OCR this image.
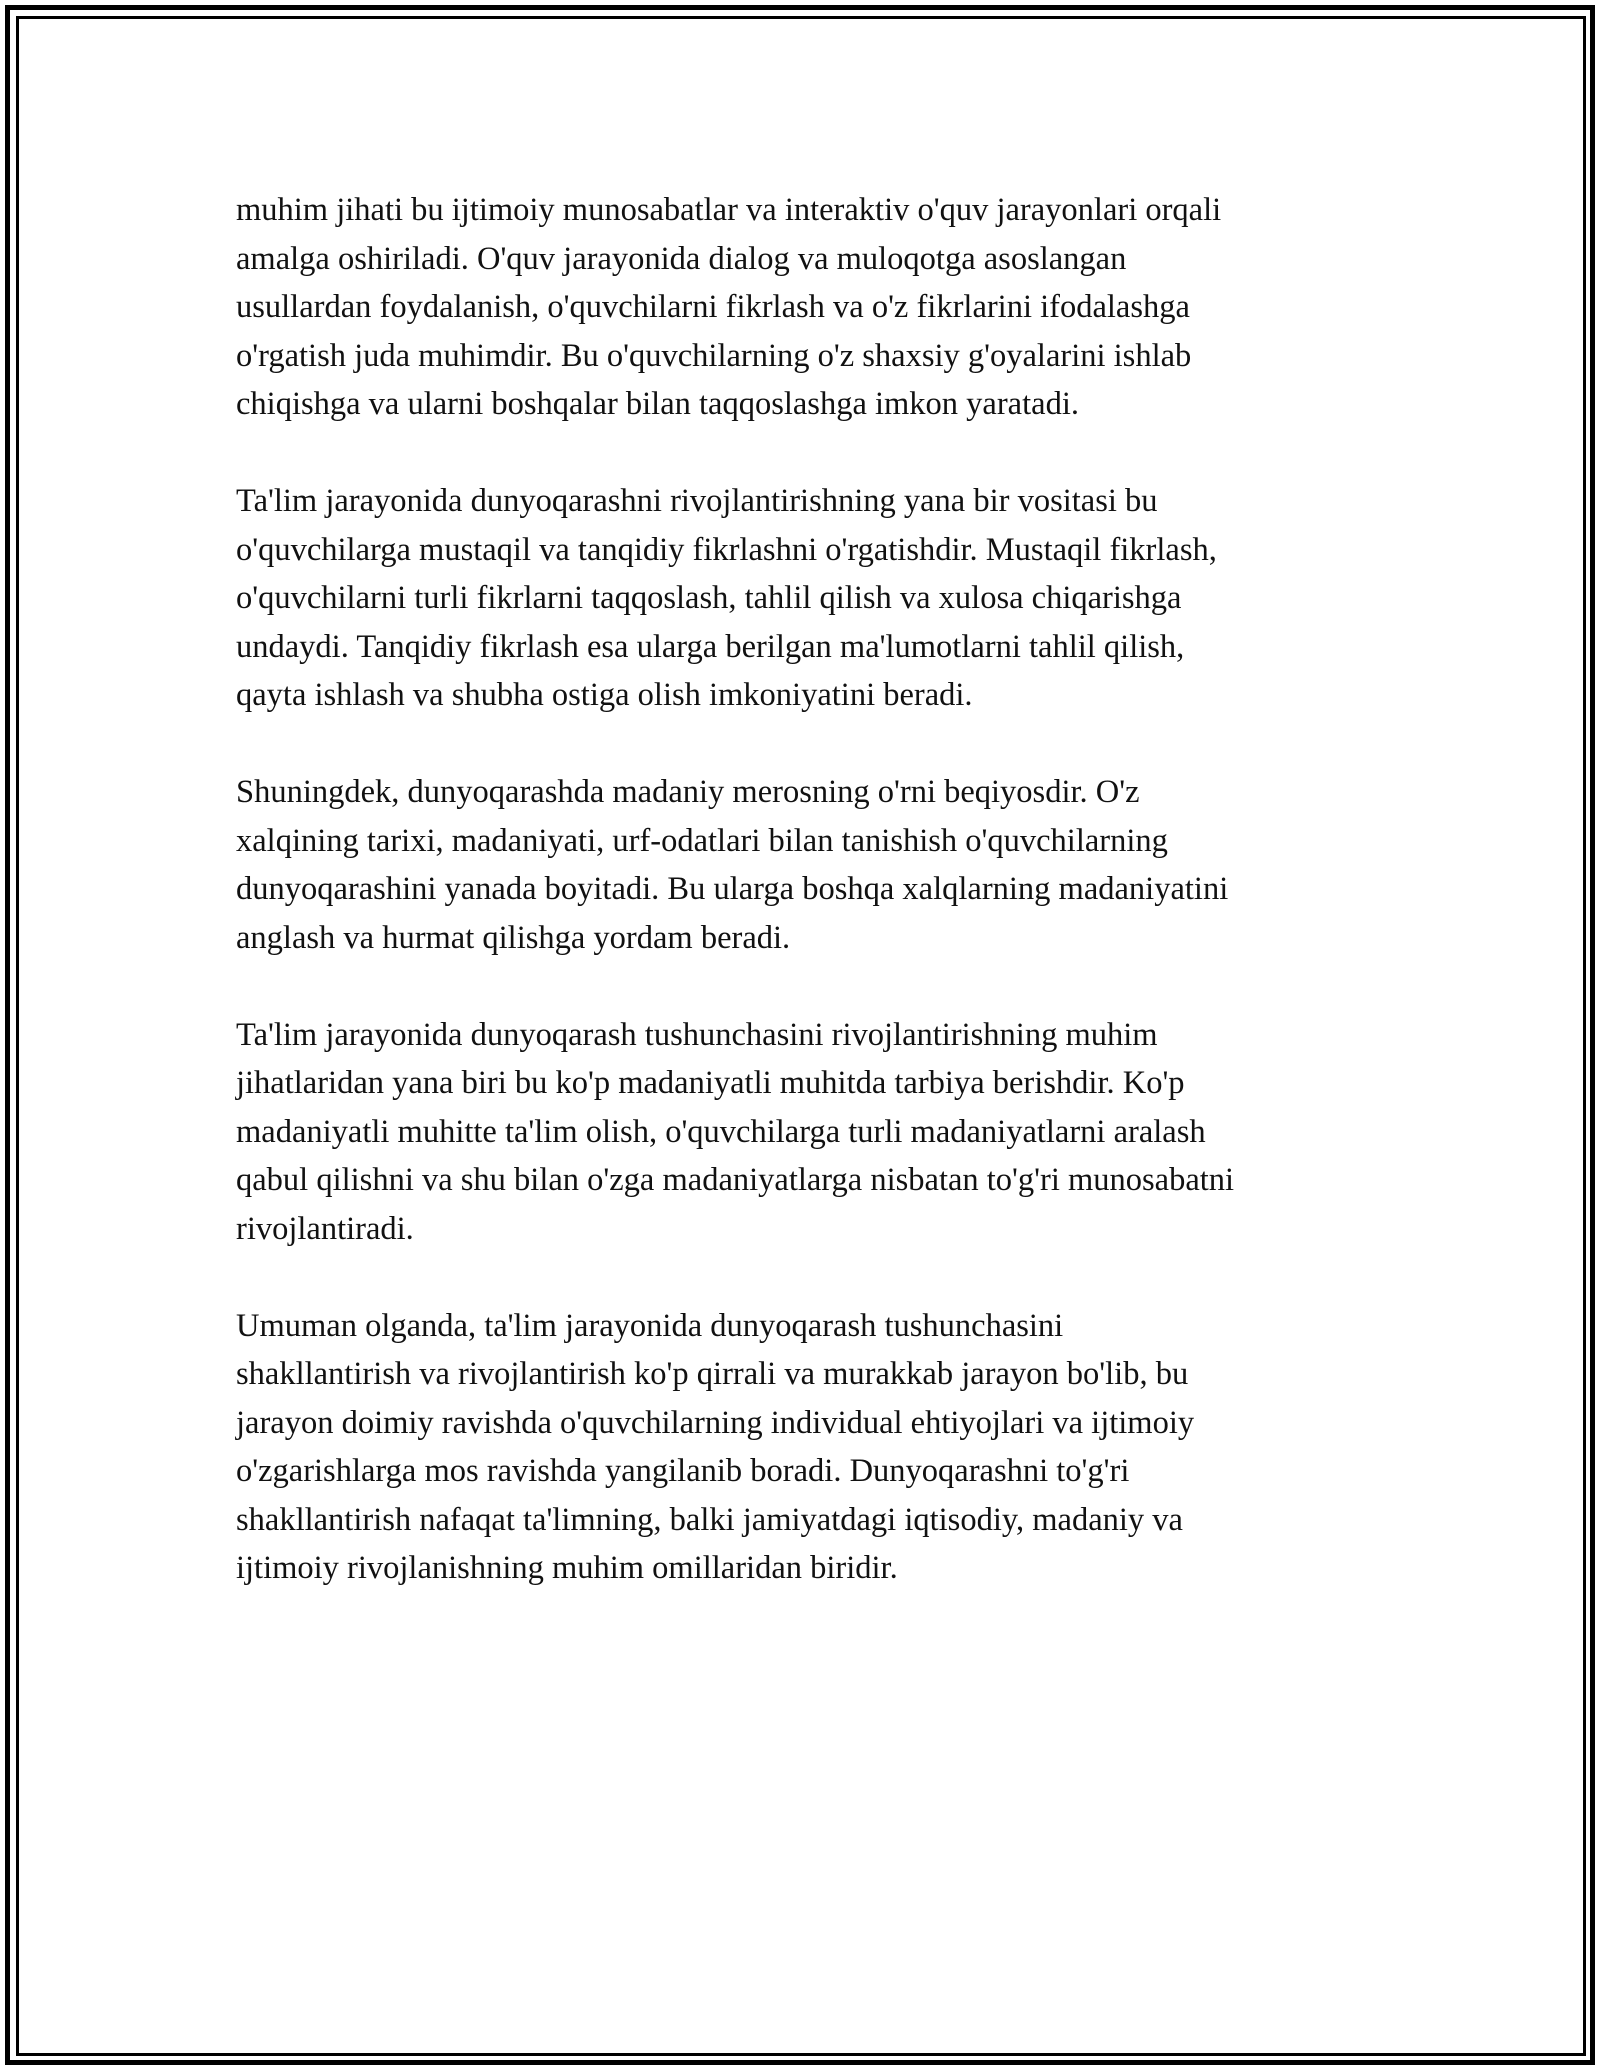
muhim jihati bu ijtimoiy munosabatlar va interaktiv o'quv jarayonlari orqali
amalga oshiriladi. O'quv jarayonida dialog va muloqotga asoslangan
usullardan foydalanish, o'quvchilarni fikrlash va o'z fikrlarini ifodalashga
o'rgatish juda muhimdir. Bu o'quvchilarning o'z shaxsiy g'oyalarini ishlab
chiqishga va ularni boshqalar bilan taqqoslashga imkon yaratadi.

Ta'lim jarayonida dunyoqarashni rivojlantirishning yana bir vositasi bu
o'quvchilarga mustaqil va tanqidiy fikrlashni o'rgatishdir. Mustaqil fikrlash,
o'quvchilarni turli fikrlarni taqqoslash, tahlil qilish va xulosa chiqarishga
undaydi. Tanqidiy fikrlash esa ularga berilgan ma'lumotlarni tahlil qilish,
qayta ishlash va shubha ostiga olish imkoniyatini beradi.

Shuningdek, dunyoqarashda madaniy merosning o'rni beqiyosdir. O'z
xalqining tarixi, madaniyati, urf-odatlari bilan tanishish o'quvchilarning
dunyoqarashini yanada boyitadi. Bu ularga boshqa xalqlarning madaniyatini
anglash va hurmat qilishga yordam beradi.

Ta'lim jarayonida dunyoqarash tushunchasini rivojlantirishning muhim
jihatlaridan yana biri bu ko'p madaniyatli muhitda tarbiya berishdir. Ko'p
madaniyatli muhitte ta'lim olish, o'quvchilarga turli madaniyatlarni aralash
qabul qilishni va shu bilan o'zga madaniyatlarga nisbatan to'g'ri munosabatni
rivojlantiradi.

Umuman olganda, ta'lim jarayonida dunyoqarash tushunchasini
shakllantirish va rivojlantirish ko'p qirrali va murakkab jarayon bo'lib, bu
jarayon doimiy ravishda o'quvchilarning individual ehtiyojlari va ijtimoiy
o'zgarishlarga mos ravishda yangilanib boradi. Dunyoqarashni to'g'ri
shakllantirish nafaqat ta'limning, balki jamiyatdagi iqtisodiy, madaniy va
ijtimoiy rivojlanishning muhim omillaridan biridir.
